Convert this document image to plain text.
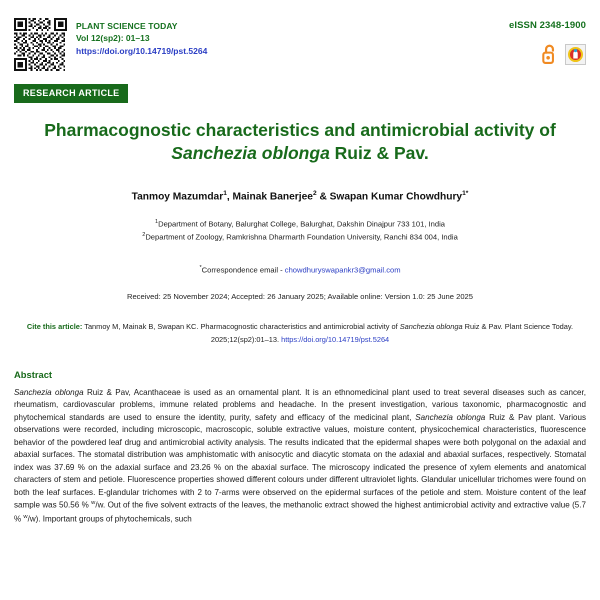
PLANT SCIENCE TODAY
Vol 12(sp2): 01–13
https://doi.org/10.14719/pst.5264
eISSN 2348-1900
RESEARCH ARTICLE
Pharmacognostic characteristics and antimicrobial activity of
Sanchezia oblonga Ruiz & Pav.
Tanmoy Mazumdar$^1$, Mainak Banerjee$^2$ & Swapan Kumar Chowdhury$^{1*}$
$^1$Department of Botany, Balurghat College, Balurghat, Dakshin Dinajpur 733 101, India
$^2$Department of Zoology, Ramkrishna Dharmarth Foundation University, Ranchi 834 004, India
*Correspondence email - chowdhuryswapankr3@gmail.com
Received: 25 November 2024; Accepted: 26 January 2025; Available online: Version 1.0: 25 June 2025
Cite this article: Tanmoy M, Mainak B, Swapan KC. Pharmacognostic characteristics and antimicrobial activity of Sanchezia oblonga Ruiz & Pav. Plant Science Today. 2025;12(sp2):01–13. https://doi.org/10.14719/pst.5264
Abstract
Sanchezia oblonga Ruiz & Pav, Acanthaceae is used as an ornamental plant. It is an ethnomedicinal plant used to treat several diseases such as cancer, rheumatism, cardiovascular problems, immune related problems and headache. In the present investigation, various taxonomic, pharmacognostic and phytochemical standards are used to ensure the identity, purity, safety and efficacy of the medicinal plant, Sanchezia oblonga Ruiz & Pav plant. Various observations were recorded, including microscopic, macroscopic, soluble extractive values, moisture content, physicochemical characteristics, fluorescence behavior of the powdered leaf drug and antimicrobial activity analysis. The results indicated that the epidermal shapes were both polygonal on the adaxial and abaxial surfaces. The stomatal distribution was amphistomatic with anisocytic and diacytic stomata on the adaxial and abaxial surfaces, respectively. Stomatal index was 37.69 % on the adaxial surface and 23.26 % on the abaxial surface. The microscopy indicated the presence of xylem elements and anatomical characters of stem and petiole. Fluorescence properties showed different colours under different ultraviolet lights. Glandular unicellular trichomes were found on both the leaf surfaces. E-glandular trichomes with 2 to 7-arms were observed on the epidermal surfaces of the petiole and stem. Moisture content of the leaf sample was 50.56 % $^w$/w. Out of the five solvent extracts of the leaves, the methanolic extract showed the highest antimicrobial activity and extractive value (5.7 % $^w$/w). Important groups of phytochemicals, such
